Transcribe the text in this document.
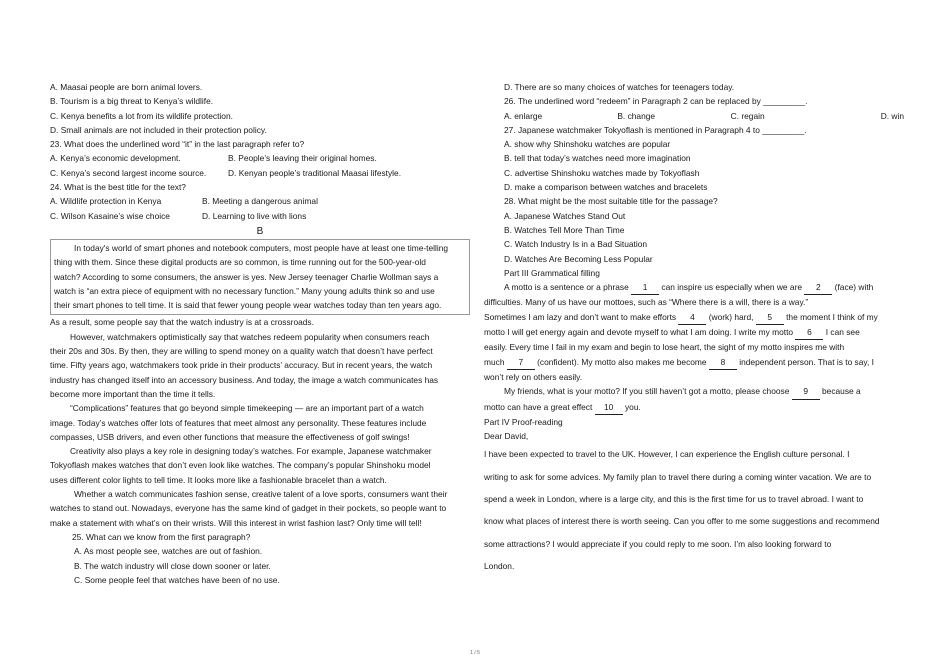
A. Maasai people are born animal lovers.
B. Tourism is a big threat to Kenya’s wildlife.
C. Kenya benefits a lot from its wildlife protection.
D. Small animals are not included in their protection policy.
23. What does the underlined word “it” in the last paragraph refer to?
A. Kenya’s economic development.	B. People’s leaving their original homes.
C. Kenya’s second largest income source.	D. Kenyan people’s traditional Maasai lifestyle.
24. What is the best title for the text?
A. Wildlife protection in Kenya	B. Meeting a dangerous animal
C. Wilson Kasaine’s wise choice	D. Learning to live with lions
B
In today's world of smart phones and notebook computers, most people have at least one time-telling
thing with them. Since these digital products are so common, is time running out for the 500-year-old
watch? According to some consumers, the answer is yes. New Jersey teenager Charlie Wollman says a
watch is “an extra piece of equipment with no necessary function.” Many young adults think so and use
their smart phones to tell time. It is said that fewer young people wear watches today than ten years ago.
As a result, some people say that the watch industry is at a crossroads.
However, watchmakers optimistically say that watches redeem popularity when consumers reach
their 20s and 30s. By then, they are willing to spend money on a quality watch that doesn’t have perfect
time. Fifty years ago, watchmakers took pride in their products’ accuracy. But in recent years, the watch
industry has changed itself into an accessory business. And today, the image a watch communicates has
become more important than the time it tells.
“Complications” features that go beyond simple timekeeping — are an important part of a watch
image. Today’s watches offer lots of features that meet almost any personality. These features include
compasses, USB drivers, and even other functions that measure the effectiveness of golf swings!
Creativity also plays a key role in designing today’s watches. For example, Japanese watchmaker
Tokyoflash makes watches that don’t even look like watches. The company’s popular Shinshoku model
uses different color lights to tell time. It looks more like a fashionable bracelet than a watch.
Whether a watch communicates fashion sense, creative talent of a love sports, consumers want their
watches to stand out. Nowadays, everyone has the same kind of gadget in their pockets, so people want to
make a statement with what’s on their wrists. Will this interest in wrist fashion last? Only time will tell!
25. What can we know from the first paragraph?
A. As most people see, watches are out of fashion.
B. The watch industry will close down sooner or later.
C. Some people feel that watches have been of no use.
D. There are so many choices of watches for teenagers today.
26. The underlined word “redeem” in Paragraph 2 can be replaced by _________.
A. enlarge	B. change	C. regain	D. win
27. Japanese watchmaker Tokyoflash is mentioned in Paragraph 4 to _________.
A. show why Shinshoku watches are popular
B. tell that today’s watches need more imagination
C. advertise Shinshoku watches made by Tokyoflash
D. make a comparison between watches and bracelets
28. What might be the most suitable title for the passage?
A. Japanese Watches Stand Out
B. Watches Tell More Than Time
C. Watch Industry Is in a Bad Situation
D. Watches Are Becoming Less Popular
Part III Grammatical filling
A motto is a sentence or a phrase 1 can inspire us especially when we are 2 (face) with
difficulties. Many of us have our mottoes, such as “Where there is a will, there is a way.”
Sometimes I am lazy and don’t want to make efforts 4 (work) hard, 5 the moment I think of my
motto I will get energy again and devote myself to what I am doing. I write my motto 6 I can see
easily. Every time I fail in my exam and begin to lose heart, the sight of my motto inspires me with
much 7 (confident). My motto also makes me become 8 independent person. That is to say, I
won’t rely on others easily.
My friends, what is your motto? If you still haven’t got a motto, please choose 9 because a
motto can have a great effect 10 you.
Part IV Proof-reading
Dear David,
I have been expected to travel to the UK. However, I can experience the English culture personal. I
writing to ask for some advices. My family plan to travel there during a coming winter vacation. We are to
spend a week in London, where is a large city, and this is the first time for us to travel abroad. I want to
know what places of interest there is worth seeing. Can you offer to me some suggestions and recommend
some attractions? I would appreciate if you could reply to me soon. I’m also looking forward to
London.
1 / 5
